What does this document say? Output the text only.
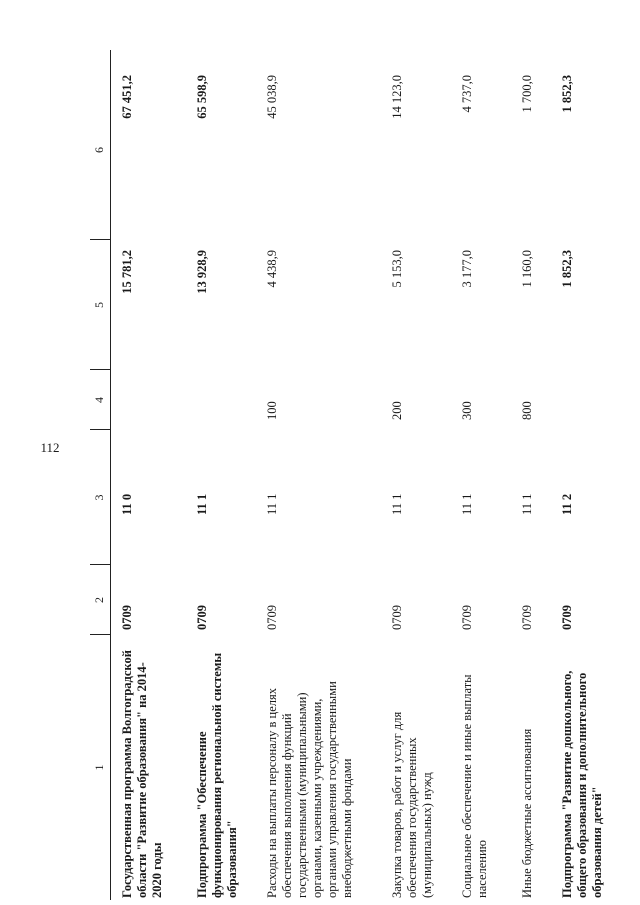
112
1
2
3
4
5
6
Государственная программа Волгоградской области "Развитие образования" на 2014-2020 годы
0709
11 0
15 781,2
67 451,2
Подпрограмма "Обеспечение функционирования региональной системы образования"
0709
11 1
13 928,9
65 598,9
Расходы на выплаты персоналу в целях обеспечения выполнения функций государственными (муниципальными) органами, казенными учреждениями, органами управления государственными внебюджетными фондами
0709
11 1
100
4 438,9
45 038,9
Закупка товаров, работ и услуг для обеспечения государственных (муниципальных) нужд
0709
11 1
200
5 153,0
14 123,0
Социальное обеспечение и иные выплаты населению
0709
11 1
300
3 177,0
4 737,0
Иные бюджетные ассигнования
0709
11 1
800
1 160,0
1 700,0
Подпрограмма "Развитие дошкольного, общего образования и дополнительного образования детей"
0709
11 2
1 852,3
1 852,3
